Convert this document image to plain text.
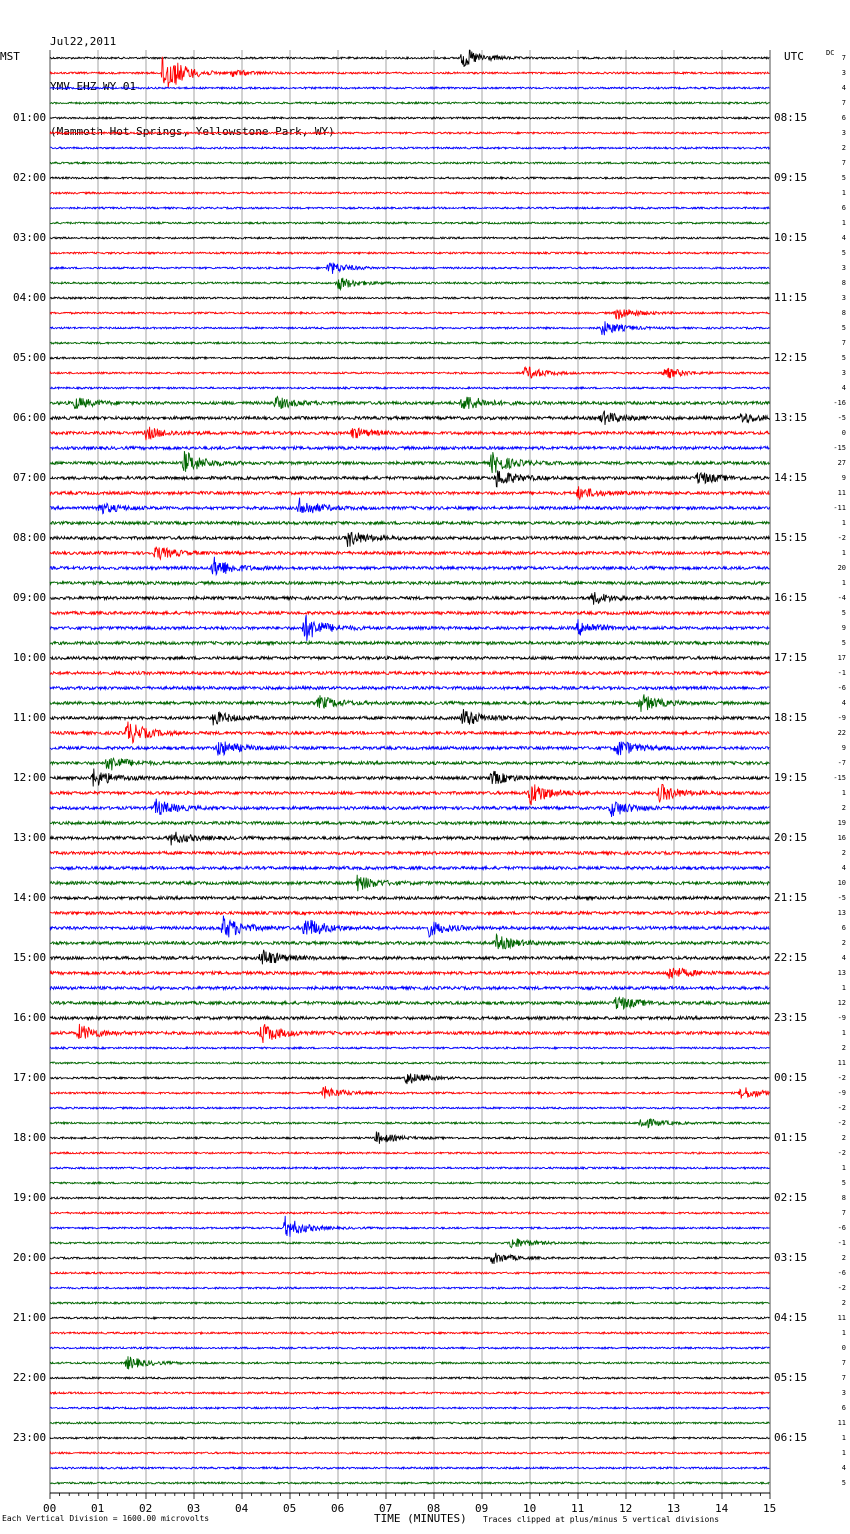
Jul22,2011

YMV EHZ WY 01

(Mammoth Hot Springs, Yellowstone Park, WY)

00	01	02	03	04	05	06	07	08	09	10	11	12	13	14	15
01:00
02:00
03:00
04:00
05:00
06:00
07:00
08:00
09:00
10:00
11:00
12:00
13:00
14:00
15:00
16:00
17:00
18:00
19:00
20:00
21:00
22:00
23:00
08:15
09:15
10:15
11:15
12:15
13:15
14:15
15:15
16:15
17:15
18:15
19:15
20:15
21:15
22:15
23:15
00:15
01:15
02:15
03:15
04:15
05:15
06:15
7
3
4
7
6
3
2
7
5
1
6
1
4
5
3
8
3
8
5
7
5
3
4
-16
-5
0
-15
27
9
11
-11
1
-2
1
20
1
-4
5
9
5
17
-1
-6
4
-9
22
9
-7
-15
1
2
19
16
2
4
10
-5
13
6
2
4
13
1
12
-9
1
2
11
-2
-9
-2
-2
2
-2
1
5
8
7
-6
-1
2
-6
-2
2
11
1
0
7
7
3
6
11
1
1
4
5
MST	UTC	DC
Each Vertical Division = 1600.00 microvolts	TIME (MINUTES) Traces clipped at plus/minus 5 vertical divisions
